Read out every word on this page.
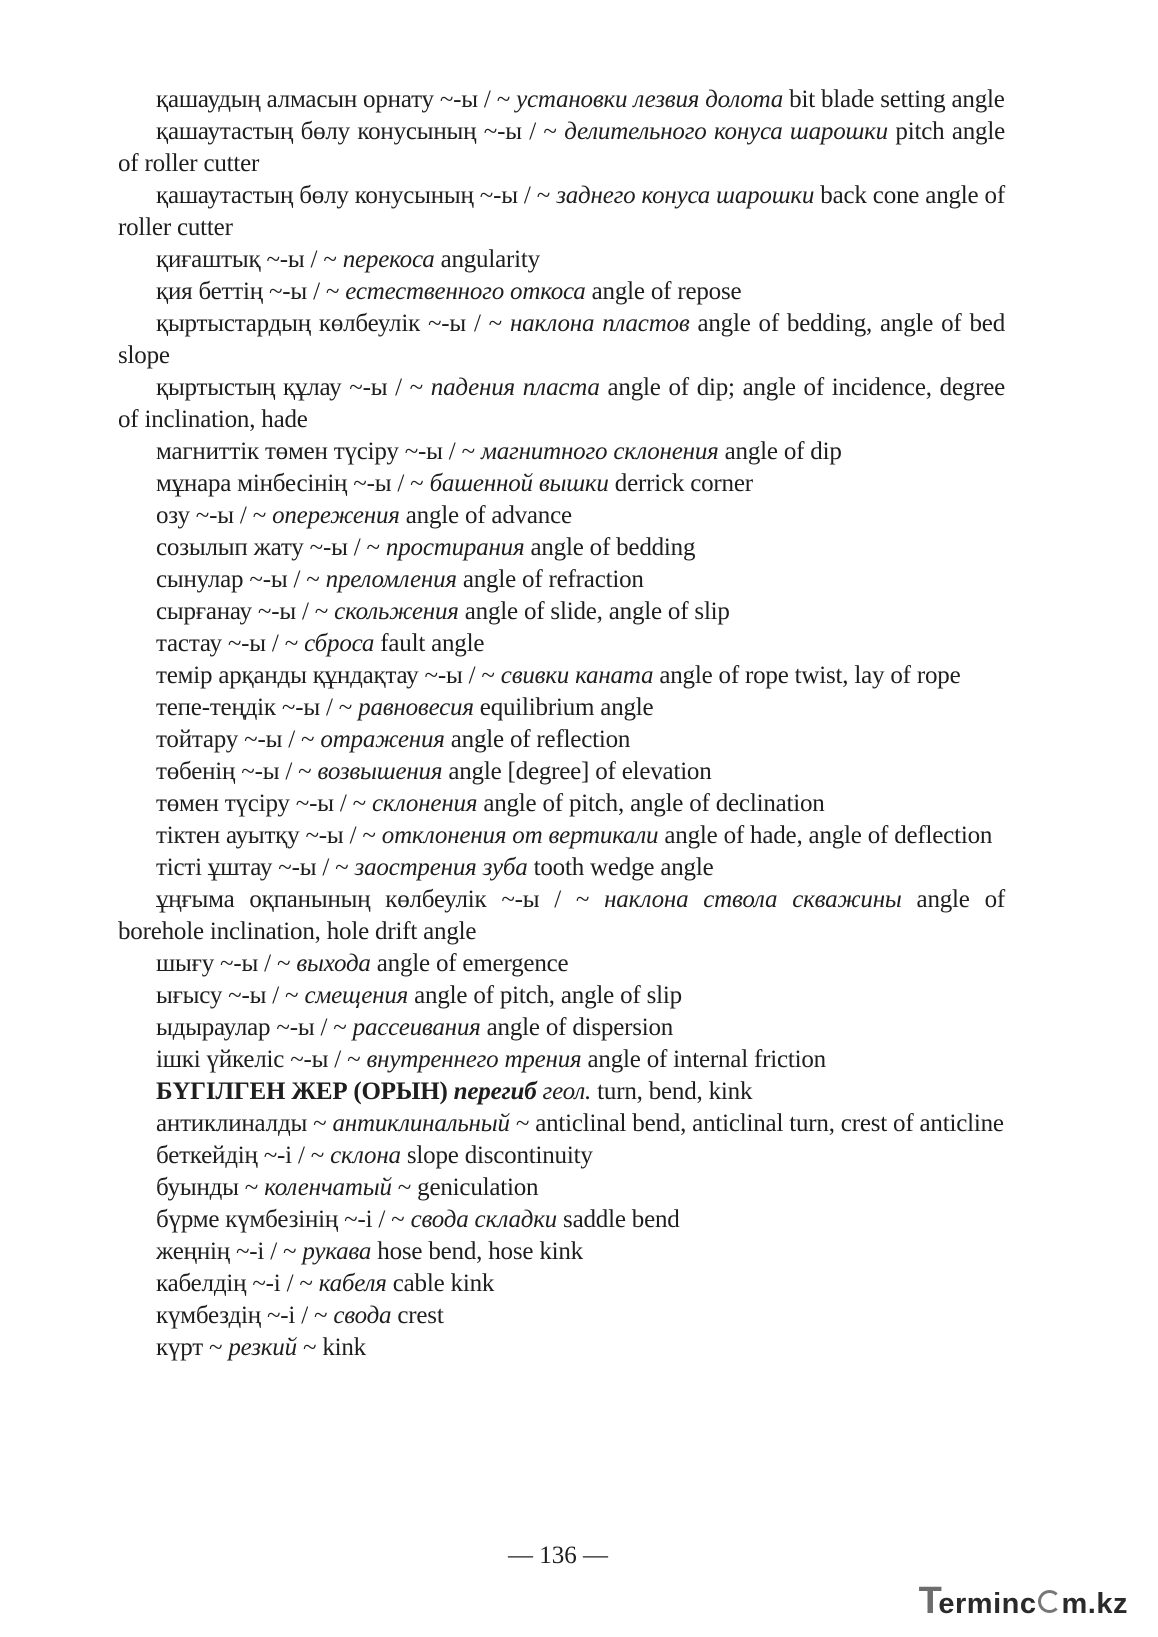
қашаудың алмасын орнату ~-ы / ~ установки лезвия долота bit blade setting angle

қашаутастың бөлу конусының ~-ы / ~ делительного конуса шарошки pitch angle of roller cutter

қашаутастың бөлу конусының ~-ы / ~ заднего конуса шарошки back cone angle of roller cutter

қиғаштық ~-ы / ~ перекоса angularity

қия беттің ~-ы / ~ естественного откоса angle of repose

қыртыстардың көлбеулік ~-ы / ~ наклона пластов angle of bedding, angle of bed slope

қыртыстың құлау ~-ы / ~ падения пласта angle of dip; angle of incidence, degree of inclination, hade

магниттік төмен түсіру ~-ы / ~ магнитного склонения angle of dip

мұнара мінбесінің ~-ы / ~ башенной вышки derrick corner

озу ~-ы / ~ опережения angle of advance

созылып жату ~-ы / ~ простирания angle of bedding

сынулар ~-ы / ~ преломления angle of refraction

сырғанау ~-ы / ~ скольжения angle of slide, angle of slip

тастау ~-ы / ~ сброса fault angle

темір арқанды құндақтау ~-ы / ~ свивки каната angle of rope twist, lay of rope

тепе-теңдік ~-ы / ~ равновесия equilibrium angle

тойтару ~-ы / ~ отражения angle of reflection

төбенің ~-ы / ~ возвышения angle [degree] of elevation

төмен түсіру ~-ы / ~ склонения angle of pitch, angle of declination

тіктен ауытқу ~-ы / ~ отклонения от вертикали angle of hade, angle of deflection

тісті ұштау ~-ы / ~ заострения зуба tooth wedge angle

ұңғыма оқпанының көлбеулік ~-ы / ~ наклона ствола скважины angle of borehole inclination, hole drift angle

шығу ~-ы / ~ выхода angle of emergence

ығысу ~-ы / ~ смещения angle of pitch, angle of slip

ыдыраулар ~-ы / ~ рассеивания angle of dispersion

ішкі үйкеліс ~-ы / ~ внутреннего трения angle of internal friction

БҮГІЛГЕН ЖЕР (ОРЫН) перегиб геол. turn, bend, kink

антиклиналды ~ антиклинальный ~ anticlinal bend, anticlinal turn, crest of anticline

беткейдің ~-і / ~ склона slope discontinuity

буынды ~ коленчатый ~ geniculation

бүрме күмбезінің ~-і / ~ свода складки saddle bend

жеңнің ~-і / ~ рукава hose bend, hose kink

кабелдің ~-і / ~ кабеля cable kink

күмбездің ~-і / ~ свода crest

күрт ~ резкий ~ kink

— 136 —
T
ermin c m.kz
